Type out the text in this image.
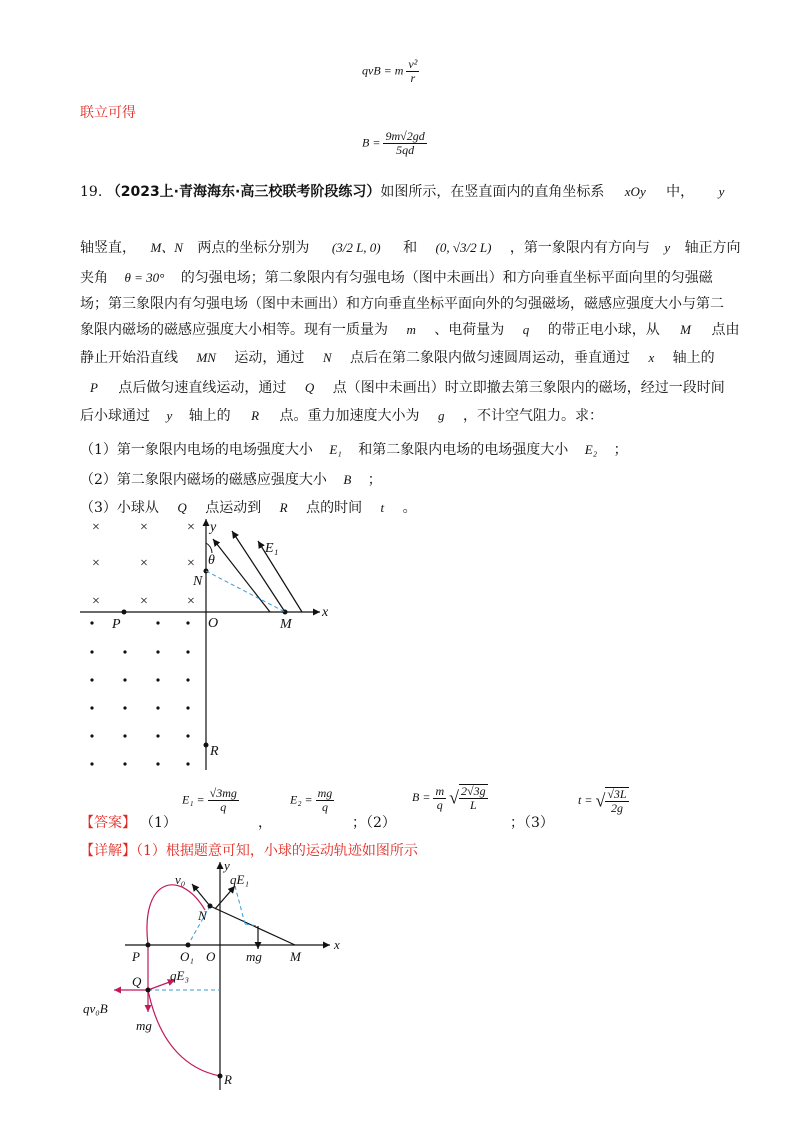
qvB = m $\frac{\text{v²}}{r}$
联立可得
$B = \frac{9m√2gd}{5qd}$
19. （2023上·青海海东·高三校联考阶段练习）如图所示，在竖直面内的直角坐标系 xOy 中， y
轴竖直， M、N 两点的坐标分别为 (3/2 L, 0) 和 (0, √3/2 L) ，第一象限内有方向与 y 轴正方向
夹角 θ = 30° 的匀强电场；第二象限内有匀强电场（图中未画出）和方向垂直坐标平面向里的匀强磁
场；第三象限内有匀强电场（图中未画出）和方向垂直坐标平面向外的匀强磁场，磁感应强度大小与第二
象限内磁场的磁感应强度大小相等。现有一质量为 m 、电荷量为 q 的带正电小球，从 M 点由
静止开始沿直线 MN 运动，通过 N 点后在第二象限内做匀速圆周运动，垂直通过 x 轴上的
P 点后做匀速直线运动，通过 Q 点（图中未画出）时立即撤去第三象限内的磁场，经过一段时间
后小球通过 y 轴上的 R 点。重力加速度大小为 g ，不计空气阻力。求：
（1）第一象限内电场的电场强度大小 E₁ 和第二象限内电场的电场强度大小 E₂ ；
（2）第二象限内磁场的磁感应强度大小 B ；
（3）小球从 Q 点运动到 R 点的时间 t 。
×	×	×
×	×	×
×	×	×
y
x
θ
N
O	M
P
R
E₁
【答案】 （1）
$E_1 = \frac{√3mg}{q}$
，
$E_2 = \frac{mg}{q}$
；（2）
$B = \frac{m}{q}$ √ $\frac{2√3g}{L}$
；（3）
t = √ $\frac{√3L}{2g}$
【详解】（1）根据题意可知，小球的运动轨迹如图所示
v₀	qE₁
N
y
x
P	O₁ O mg M
Q qE₃
qv₀B
mg
R
